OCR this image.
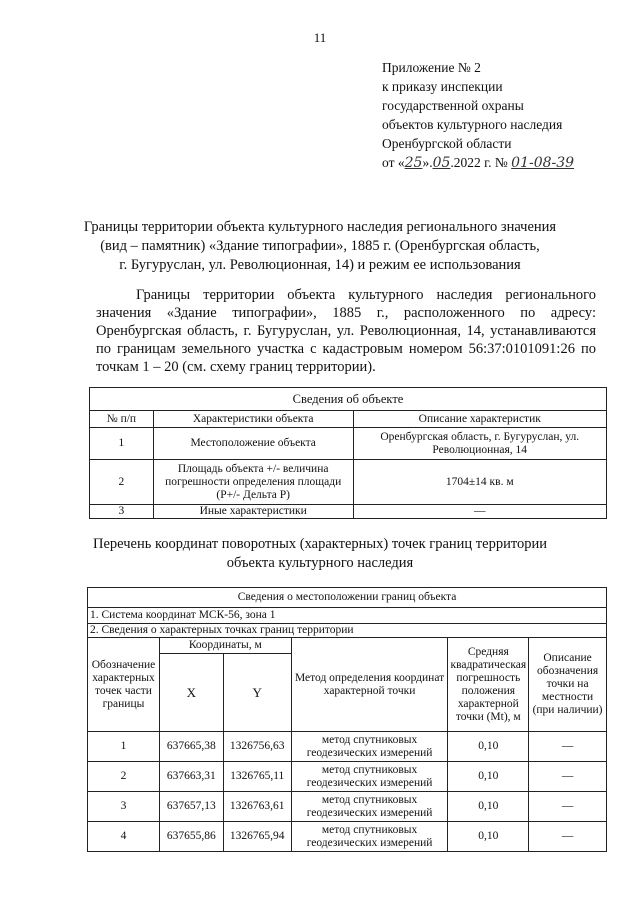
11
Приложение № 2
к приказу инспекции
государственной охраны
объектов культурного наследия
Оренбургской области
от «25».05.2022 г. № 01-08-39
Границы территории объекта культурного наследия регионального значения
(вид – памятник) «Здание типографии», 1885 г. (Оренбургская область,
г. Бугуруслан, ул. Революционная, 14) и режим ее использования
Границы территории объекта культурного наследия регионального значения «Здание типографии», 1885 г., расположенного по адресу: Оренбургская область, г. Бугуруслан, ул. Революционная, 14, устанавливаются по границам земельного участка с кадастровым номером 56:37:0101091:26 по точкам 1 – 20 (см. схему границ территории).
Сведения об объекте		
№ п/п	Характеристики объекта	Описание характеристик
1	Местоположение объекта	Оренбургская область, г. Бугуруслан, ул. Революционная, 14
2	Площадь объекта +/- величина погрешности определения площади (Р+/- Дельта Р)	1704±14 кв. м
3	Иные характеристики	—
Перечень координат поворотных (характерных) точек границ территории
объекта культурного наследия
Сведения о местоположении границ объекта					
1. Система координат МСК-56, зона 1					
2. Сведения о характерных точках границ территории					
Обозначение характерных точек части границы	Координаты, м		Метод определения координат характерной точки	Средняя квадратическая погрешность положения характерной точки (Mt), м	Описание обозначения точки на местности (при наличии)
	X	Y			
1	637665,38	1326756,63	метод спутниковых геодезических измерений	0,10	—
2	637663,31	1326765,11	метод спутниковых геодезических измерений	0,10	—
3	637657,13	1326763,61	метод спутниковых геодезических измерений	0,10	—
4	637655,86	1326765,94	метод спутниковых геодезических измерений	0,10	—
